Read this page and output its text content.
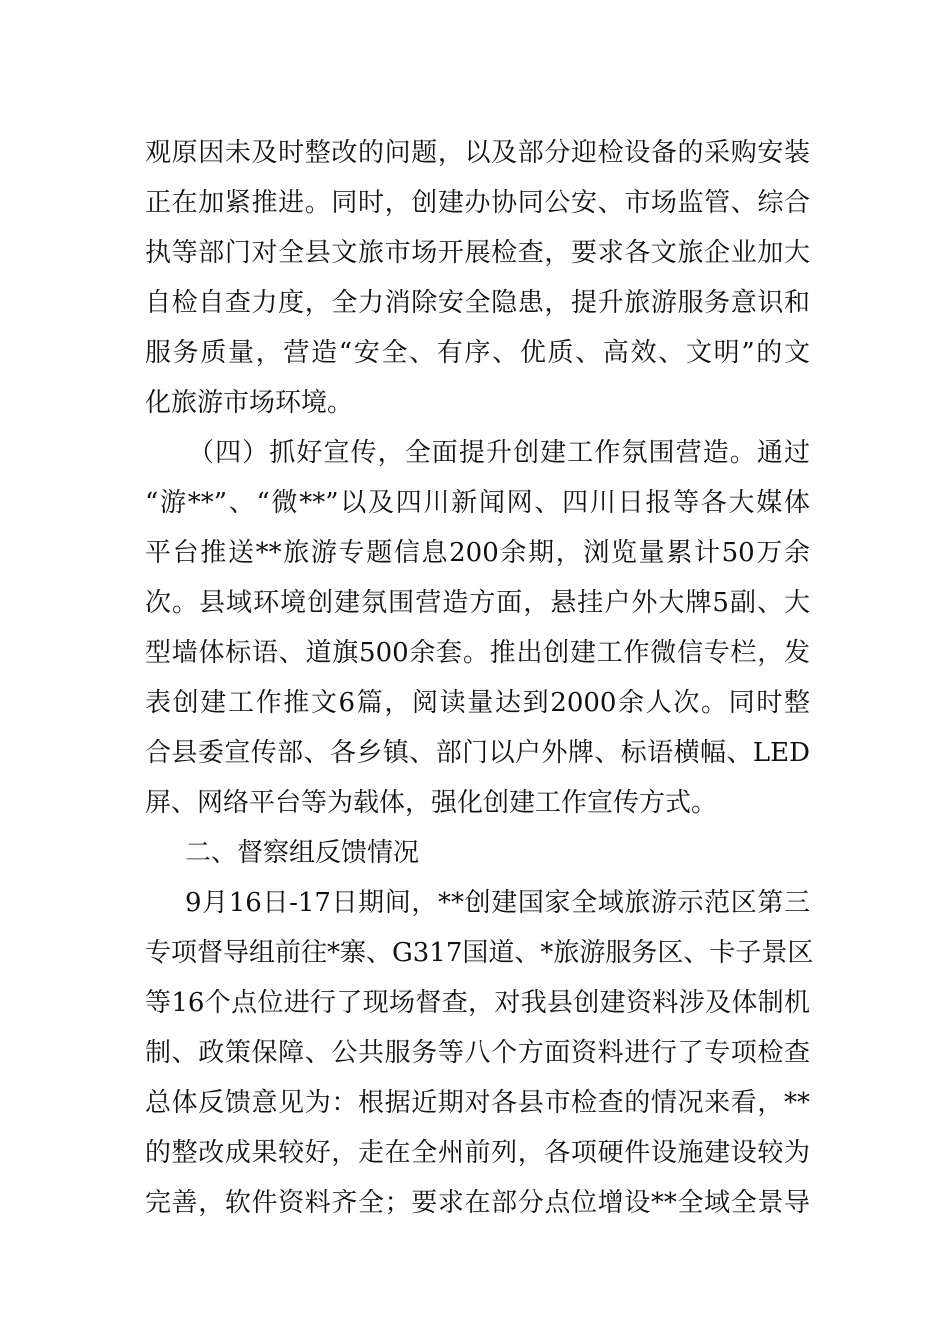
观原因未及时整改的问题，以及部分迎检设备的采购安装
正在加紧推进。同时，创建办协同公安、市场监管、综合
执等部门对全县文旅市场开展检查，要求各文旅企业加大
自检自查力度，全力消除安全隐患，提升旅游服务意识和
服务质量，营造“安全、有序、优质、高效、文明”的文
化旅游市场环境。
（四）抓好宣传，全面提升创建工作氛围营造。通过
“游**”、“微**”以及四川新闻网、四川日报等各大媒体
平台推送**旅游专题信息200余期，浏览量累计50万余
次。县域环境创建氛围营造方面，悬挂户外大牌5副、大
型墙体标语、道旗500余套。推出创建工作微信专栏，发
表创建工作推文6篇，阅读量达到2000余人次。同时整
合县委宣传部、各乡镇、部门以户外牌、标语横幅、LED
屏、网络平台等为载体，强化创建工作宣传方式。
二、督察组反馈情况
9月16日-17日期间，**创建国家全域旅游示范区第三
专项督导组前往*寨、G317国道、*旅游服务区、卡子景区
等16个点位进行了现场督查，对我县创建资料涉及体制机
制、政策保障、公共服务等八个方面资料进行了专项检查
总体反馈意见为：根据近期对各县市检查的情况来看，**
的整改成果较好，走在全州前列，各项硬件设施建设较为
完善，软件资料齐全；要求在部分点位增设**全域全景导
